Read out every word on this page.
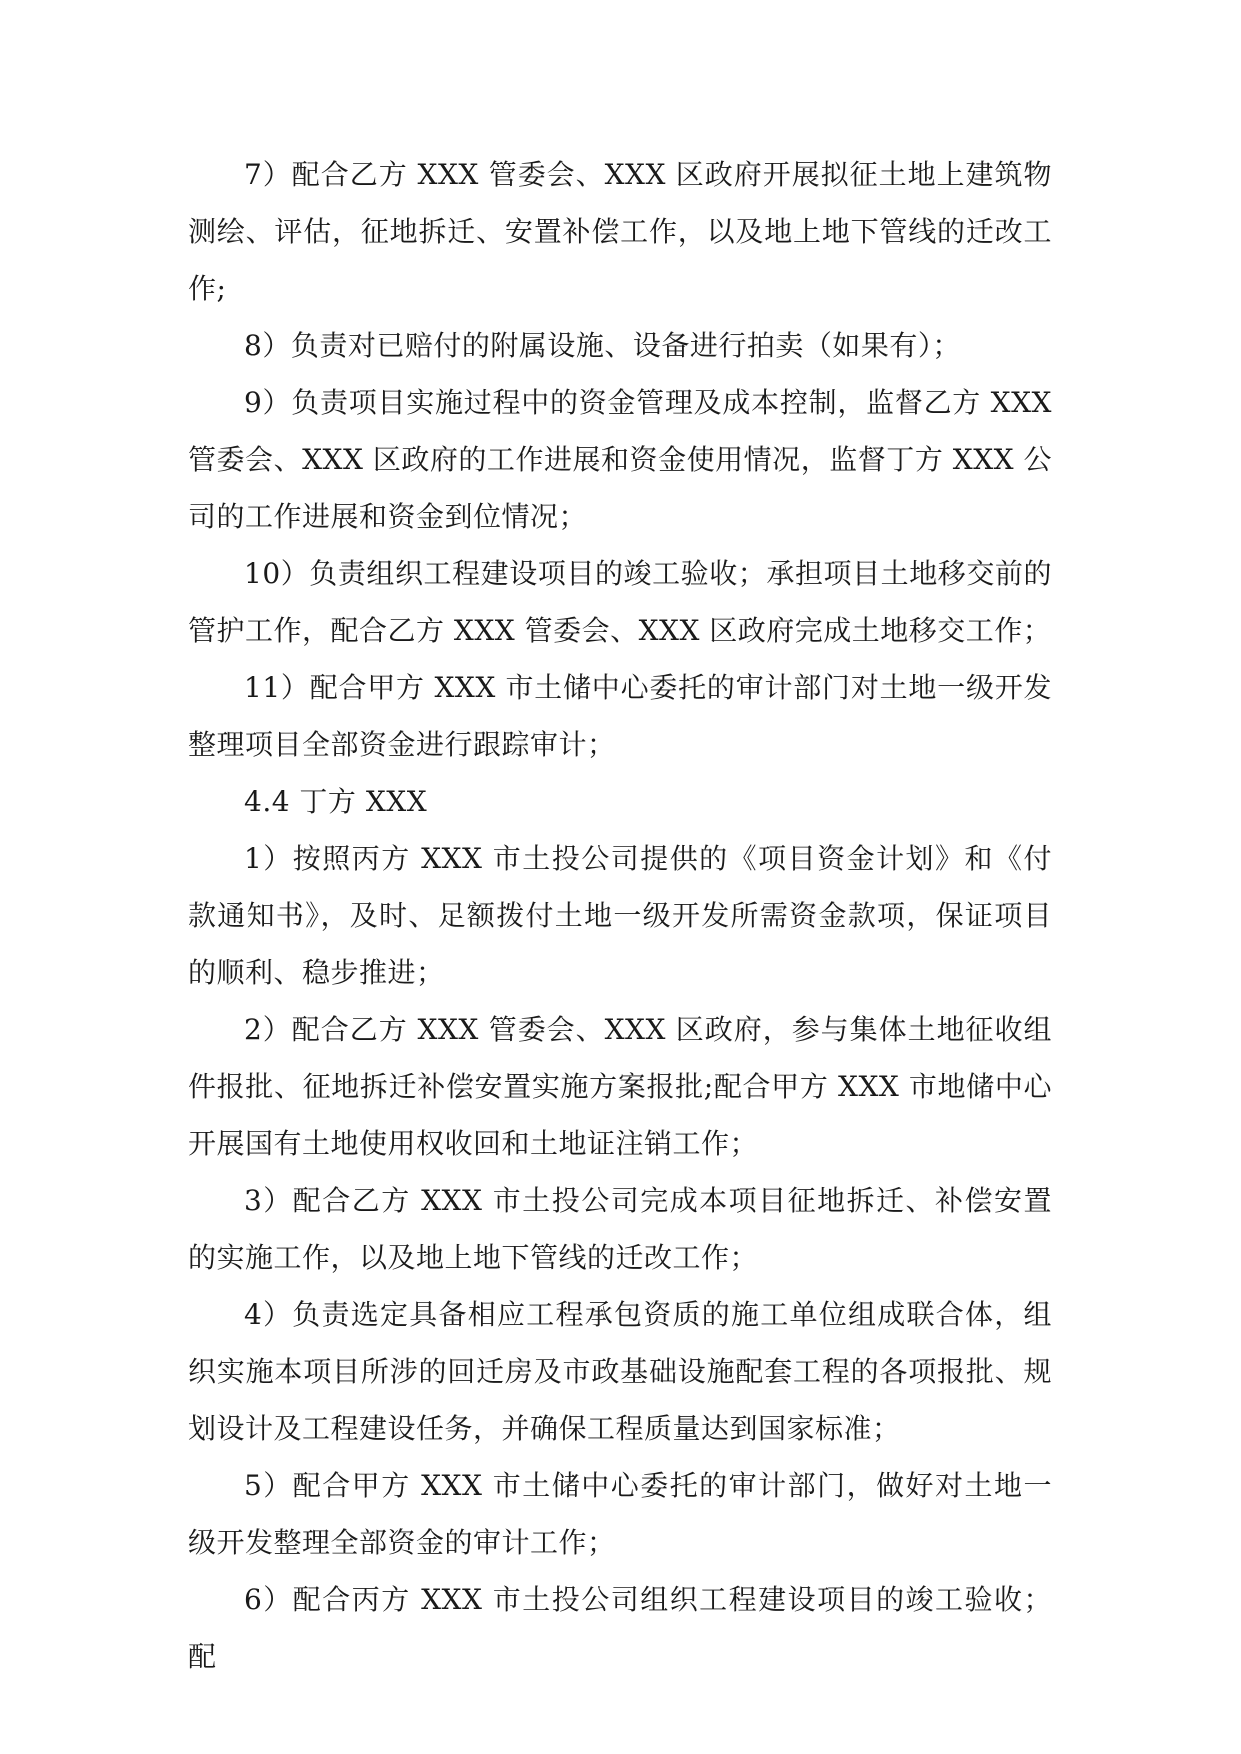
7）配合乙方 XXX 管委会、XXX 区政府开展拟征土地上建筑物测绘、评估，征地拆迁、安置补偿工作，以及地上地下管线的迁改工作;

8）负责对已赔付的附属设施、设备进行拍卖（如果有）；

9）负责项目实施过程中的资金管理及成本控制，监督乙方 XXX 管委会、XXX 区政府的工作进展和资金使用情况，监督丁方 XXX 公司的工作进展和资金到位情况；

10）负责组织工程建设项目的竣工验收；承担项目土地移交前的管护工作，配合乙方 XXX 管委会、XXX 区政府完成土地移交工作；

11）配合甲方 XXX 市土储中心委托的审计部门对土地一级开发整理项目全部资金进行跟踪审计；

4.4 丁方 XXX

1）按照丙方 XXX 市土投公司提供的《项目资金计划》和《付款通知书》，及时、足额拨付土地一级开发所需资金款项，保证项目的顺利、稳步推进；

2）配合乙方 XXX 管委会、XXX 区政府，参与集体土地征收组件报批、征地拆迁补偿安置实施方案报批;配合甲方 XXX 市地储中心开展国有土地使用权收回和土地证注销工作；

3）配合乙方 XXX 市土投公司完成本项目征地拆迁、补偿安置的实施工作，以及地上地下管线的迁改工作；

4）负责选定具备相应工程承包资质的施工单位组成联合体，组织实施本项目所涉的回迁房及市政基础设施配套工程的各项报批、规划设计及工程建设任务，并确保工程质量达到国家标准；

5）配合甲方 XXX 市土储中心委托的审计部门，做好对土地一级开发整理全部资金的审计工作；

6）配合丙方 XXX 市土投公司组织工程建设项目的竣工验收；配
